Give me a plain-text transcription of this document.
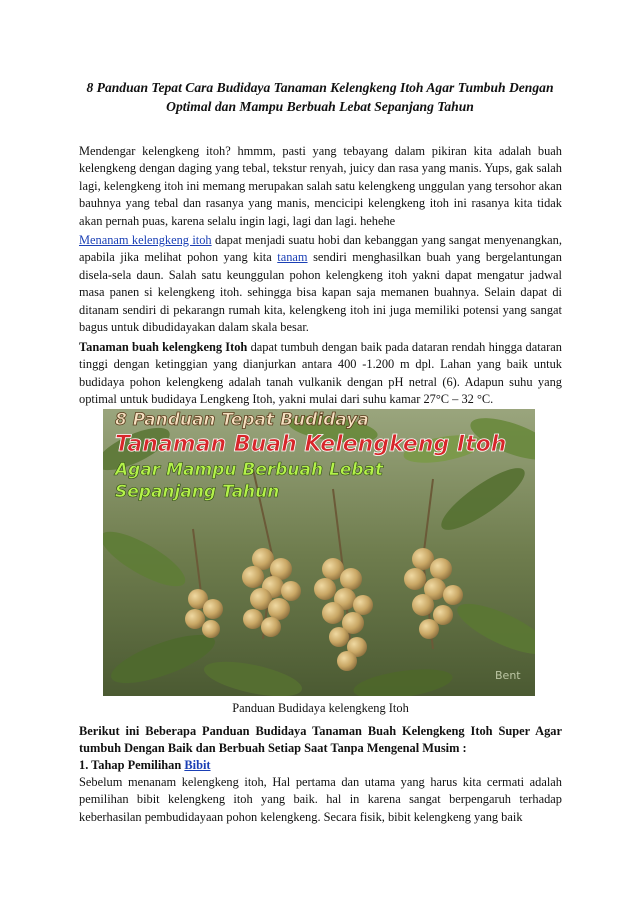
8 Panduan Tepat Cara Budidaya Tanaman Kelengkeng Itoh Agar Tumbuh Dengan Optimal dan Mampu Berbuah Lebat Sepanjang Tahun

Mendengar kelengkeng itoh? hmmm, pasti yang tebayang dalam pikiran kita adalah buah kelengkeng dengan daging yang tebal, tekstur renyah, juicy dan rasa yang manis. Yups, gak salah lagi, kelengkeng itoh ini memang merupakan salah satu kelengkeng unggulan yang tersohor akan bauhnya yang tebal dan rasanya yang manis, mencicipi kelengkeng itoh ini rasanya kita tidak akan pernah puas, karena selalu ingin lagi, lagi dan lagi. hehehe

Menanam kelengkeng itoh dapat menjadi suatu hobi dan kebanggan yang sangat menyenangkan, apabila jika melihat pohon yang kita tanam sendiri menghasilkan buah yang bergelantungan disela-sela daun. Salah satu keunggulan pohon kelengkeng itoh yakni dapat mengatur jadwal masa panen si kelengkeng itoh. sehingga bisa kapan saja memanen buahnya. Selain dapat di ditanam sendiri di pekarangn rumah kita, kelengkeng itoh ini juga memiliki potensi yang sangat bagus untuk dibudidayakan dalam skala besar.

Tanaman buah kelengkeng Itoh dapat tumbuh dengan baik pada dataran rendah hingga dataran tinggi dengan ketinggian yang dianjurkan antara 400 -1.200 m dpl. Lahan yang baik untuk budidaya pohon kelengkeng adalah tanah vulkanik dengan pH netral (6). Adapun suhu yang optimal untuk budidaya Lengkeng Itoh, yakni mulai dari suhu kamar 27°C – 32 °C.

8 Panduan Tepat Budidaya
Tanaman Buah Kelengkeng Itoh
Agar Mampu Berbuah Lebat
Sepanjang Tahun
Bent

Panduan Budidaya kelengkeng Itoh

Berikut ini Beberapa Panduan Budidaya Tanaman Buah Kelengkeng Itoh Super Agar tumbuh Dengan Baik dan Berbuah Setiap Saat Tanpa Mengenal Musim :

1. Tahap Pemilihan Bibit

Sebelum menanam kelengkeng itoh, Hal pertama dan utama yang harus kita cermati adalah pemilihan bibit kelengkeng itoh yang baik. hal in karena sangat berpengaruh terhadap keberhasilan pembudidayaan pohon kelengkeng. Secara fisik, bibit kelengkeng yang baik
